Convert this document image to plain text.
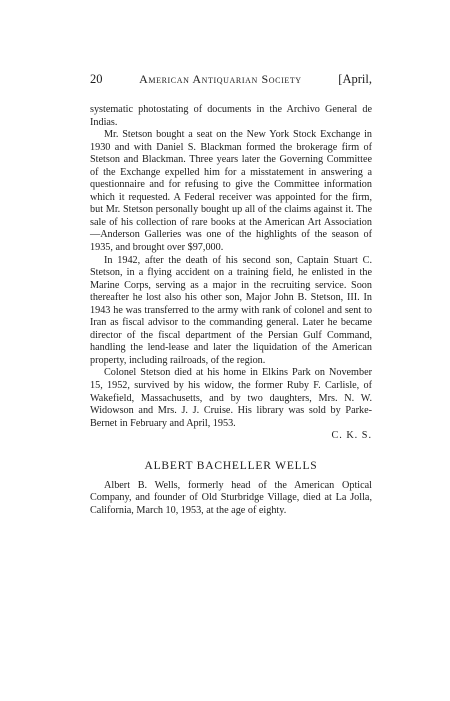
20	American Antiquarian Society	[April,

systematic photostating of documents in the Archivo General de Indias.

Mr. Stetson bought a seat on the New York Stock Exchange in 1930 and with Daniel S. Blackman formed the brokerage firm of Stetson and Blackman. Three years later the Governing Committee of the Exchange expelled him for a misstatement in answering a questionnaire and for refusing to give the Committee information which it requested. A Federal receiver was appointed for the firm, but Mr. Stetson personally bought up all of the claims against it. The sale of his collection of rare books at the American Art Association—Anderson Galleries was one of the highlights of the season of 1935, and brought over $97,000.

In 1942, after the death of his second son, Captain Stuart C. Stetson, in a flying accident on a training field, he enlisted in the Marine Corps, serving as a major in the recruiting service. Soon thereafter he lost also his other son, Major John B. Stetson, III. In 1943 he was transferred to the army with rank of colonel and sent to Iran as fiscal advisor to the commanding general. Later he became director of the fiscal department of the Persian Gulf Command, handling the lend-lease and later the liquidation of the American property, including railroads, of the region.

Colonel Stetson died at his home in Elkins Park on November 15, 1952, survived by his widow, the former Ruby F. Carlisle, of Wakefield, Massachusetts, and by two daughters, Mrs. N. W. Widowson and Mrs. J. J. Cruise. His library was sold by Parke-Bernet in February and April, 1953.

C. K. S.
ALBERT BACHELLER WELLS

Albert B. Wells, formerly head of the American Optical Company, and founder of Old Sturbridge Village, died at La Jolla, California, March 10, 1953, at the age of eighty.
